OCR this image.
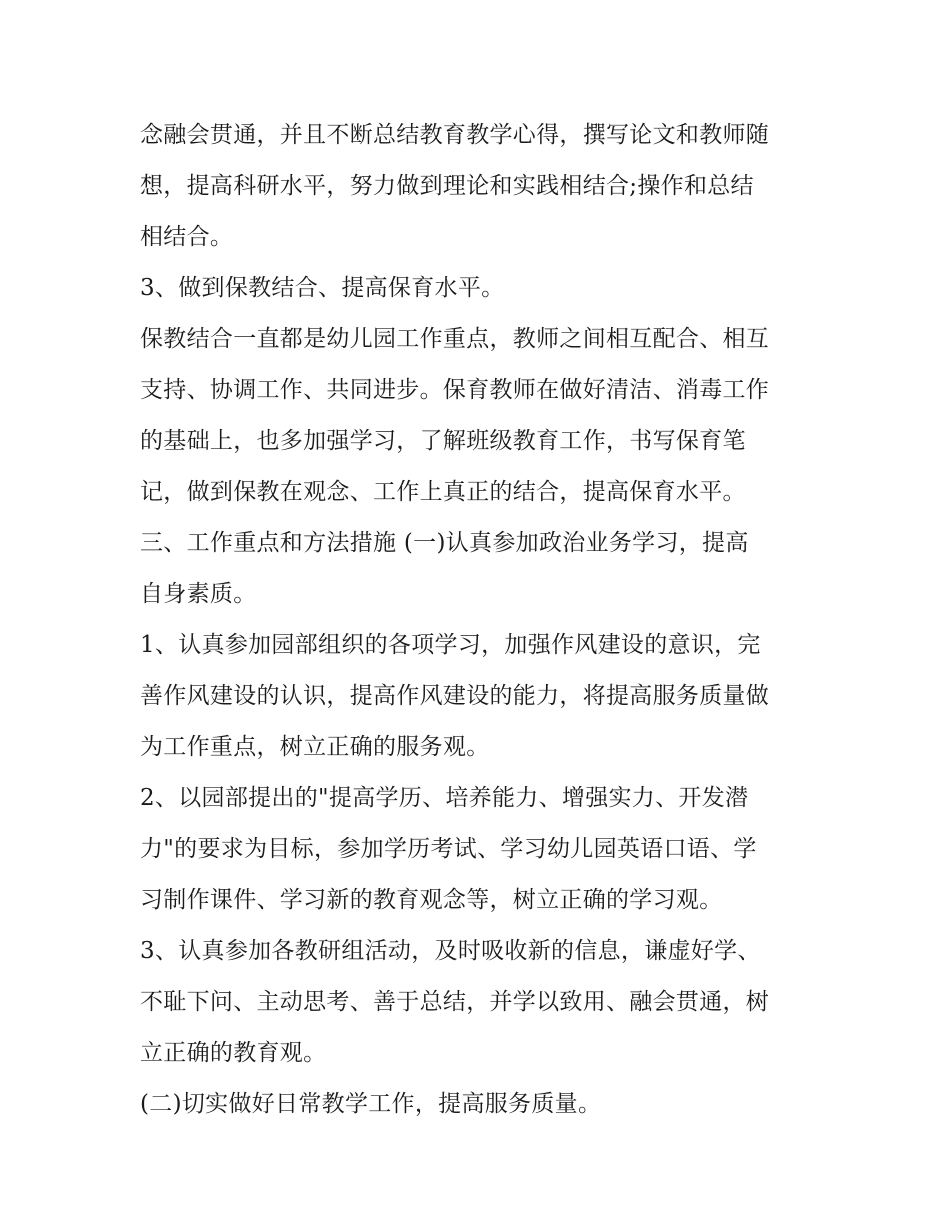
念融会贯通，并且不断总结教育教学心得，撰写论文和教师随
想，提高科研水平，努力做到理论和实践相结合;操作和总结
相结合。
3、做到保教结合、提高保育水平。
保教结合一直都是幼儿园工作重点，教师之间相互配合、相互
支持、协调工作、共同进步。保育教师在做好清洁、消毒工作
的基础上，也多加强学习，了解班级教育工作，书写保育笔
记，做到保教在观念、工作上真正的结合，提高保育水平。
三、工作重点和方法措施 (一)认真参加政治业务学习，提高
自身素质。
1、认真参加园部组织的各项学习，加强作风建设的意识，完
善作风建设的认识，提高作风建设的能力，将提高服务质量做
为工作重点，树立正确的服务观。
2、以园部提出的"提高学历、培养能力、增强实力、开发潜
力"的要求为目标，参加学历考试、学习幼儿园英语口语、学
习制作课件、学习新的教育观念等，树立正确的学习观。
3、认真参加各教研组活动，及时吸收新的信息，谦虚好学、
不耻下问、主动思考、善于总结，并学以致用、融会贯通，树
立正确的教育观。
(二)切实做好日常教学工作，提高服务质量。
